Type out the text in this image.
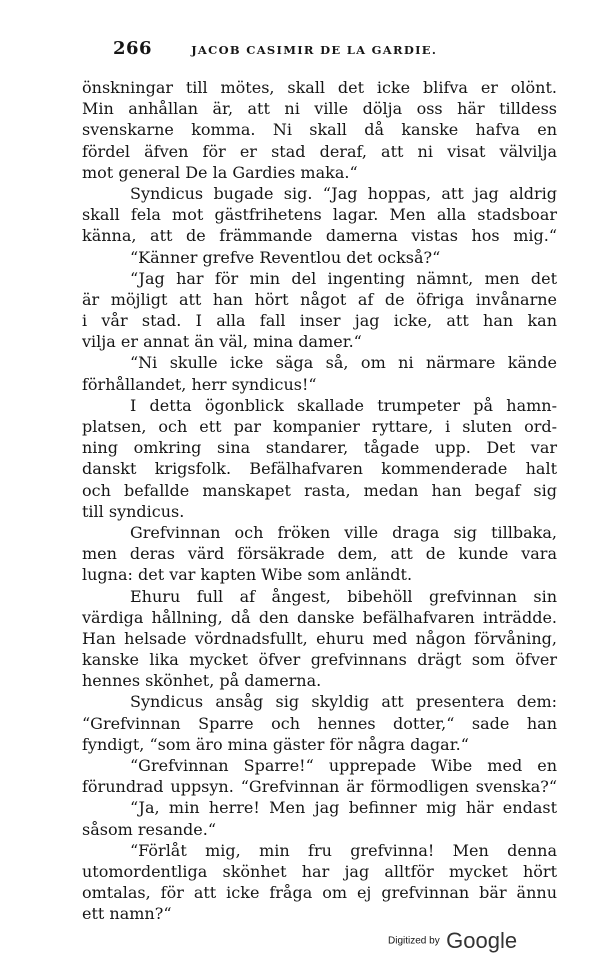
266	JACOB CASIMIR DE LA GARDIE.
önskningar till mötes, skall det icke blifva er olönt.
Min anhållan är, att ni ville dölja oss här tilldess
svenskarne komma. Ni skall då kanske hafva en
fördel äfven för er stad deraf, att ni visat välvilja
mot general De la Gardies maka.“
Syndicus bugade sig. “Jag hoppas, att jag aldrig
skall fela mot gästfrihetens lagar. Men alla stadsboar
känna, att de främmande damerna vistas hos mig.“
“Känner grefve Reventlou det också?“
“Jag har för min del ingenting nämnt, men det
är möjligt att han hört något af de öfriga invånarne
i vår stad. I alla fall inser jag icke, att han kan
vilja er annat än väl, mina damer.“
“Ni skulle icke säga så, om ni närmare kände
förhållandet, herr syndicus!“
I detta ögonblick skallade trumpeter på hamn-
platsen, och ett par kompanier ryttare, i sluten ord-
ning omkring sina standarer, tågade upp. Det var
danskt krigsfolk. Befälhafvaren kommenderade halt
och befallde manskapet rasta, medan han begaf sig
till syndicus.
Grefvinnan och fröken ville draga sig tillbaka,
men deras värd försäkrade dem, att de kunde vara
lugna: det var kapten Wibe som anländt.
Ehuru full af ångest, bibehöll grefvinnan sin
värdiga hållning, då den danske befälhafvaren inträdde.
Han helsade vördnadsfullt, ehuru med någon förvåning,
kanske lika mycket öfver grefvinnans drägt som öfver
hennes skönhet, på damerna.
Syndicus ansåg sig skyldig att presentera dem:
“Grefvinnan Sparre och hennes dotter,“ sade han
fyndigt, “som äro mina gäster för några dagar.“
“Grefvinnan Sparre!“ upprepade Wibe med en
förundrad uppsyn. “Grefvinnan är förmodligen svenska?“
“Ja, min herre! Men jag befinner mig här endast
såsom resande.“
“Förlåt mig, min fru grefvinna! Men denna
utomordentliga skönhet har jag alltför mycket hört
omtalas, för att icke fråga om ej grefvinnan bär ännu
ett namn?“
Digitized by Google
